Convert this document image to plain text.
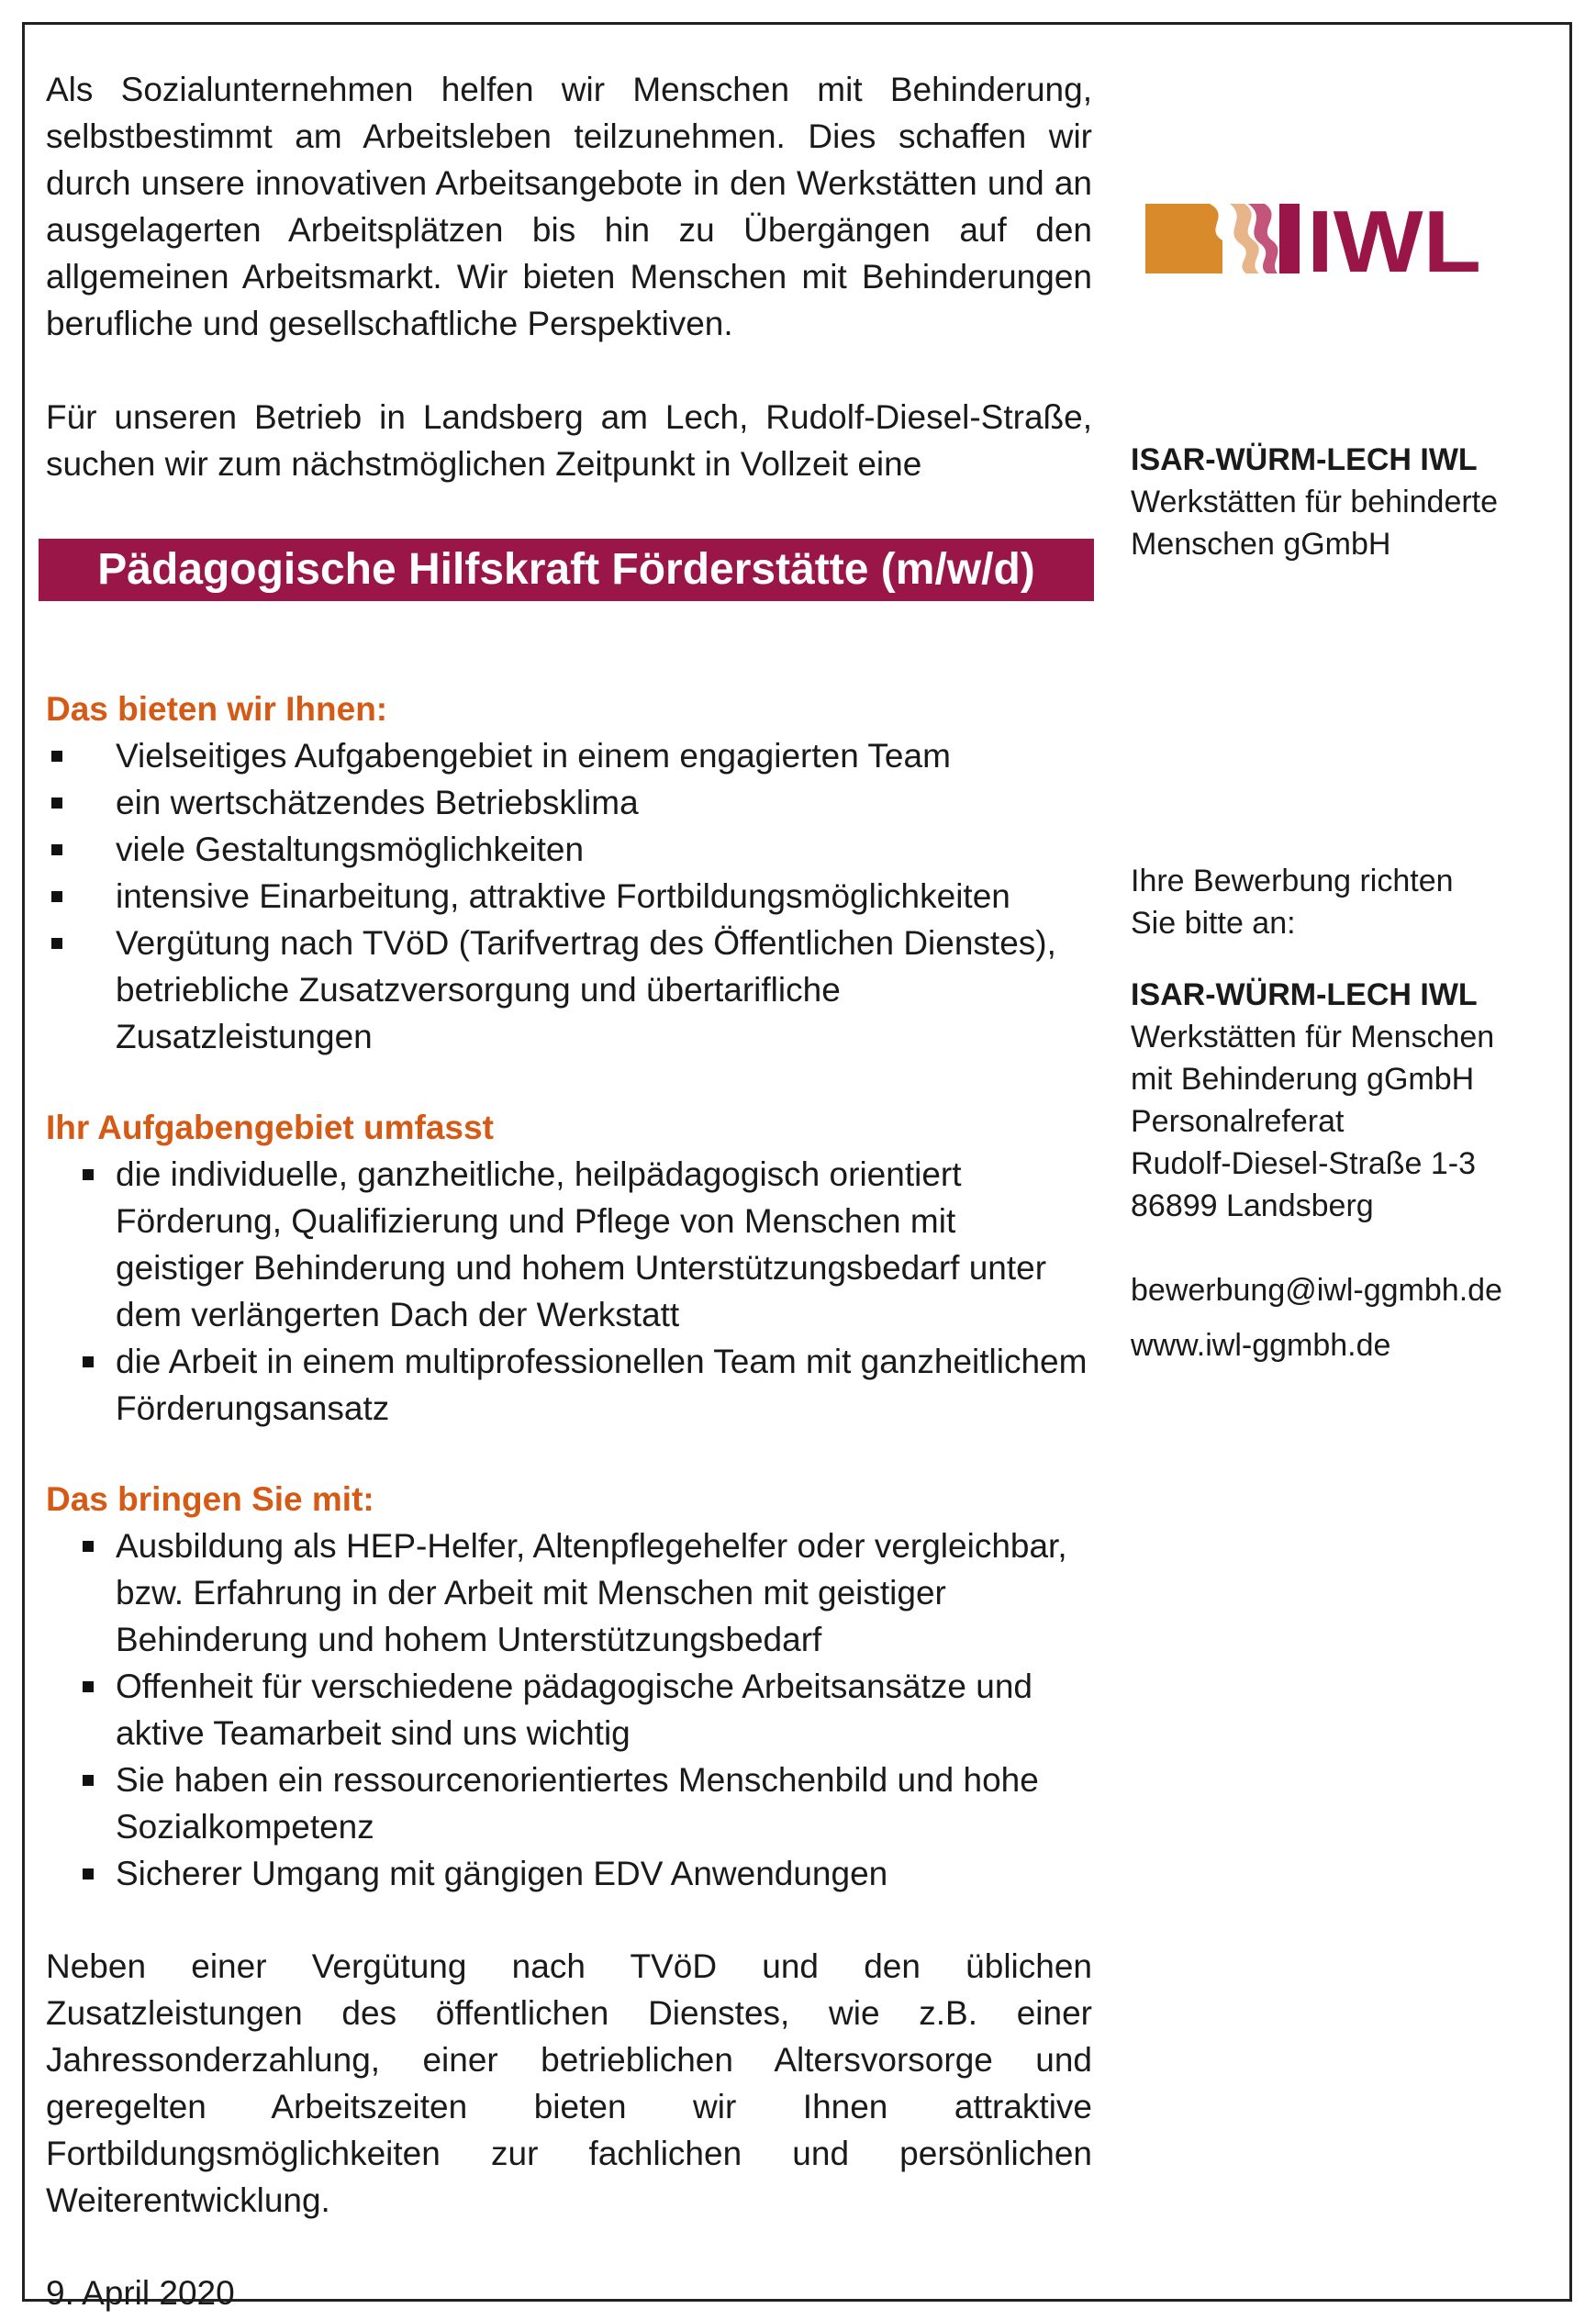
Als Sozialunternehmen helfen wir Menschen mit Behinderung, selbstbestimmt am Arbeitsleben teilzunehmen. Dies schaffen wir durch unsere innovativen Arbeitsangebote in den Werkstätten und an ausgelagerten Arbeitsplätzen bis hin zu Übergängen auf den allgemeinen Arbeitsmarkt. Wir bieten Menschen mit Behinderungen berufliche und gesellschaftliche Perspektiven.

Für unseren Betrieb in Landsberg am Lech, Rudolf-Diesel-Straße, suchen wir zum nächstmöglichen Zeitpunkt in Vollzeit eine

Pädagogische Hilfskraft Förderstätte (m/w/d)

Das bieten wir Ihnen:

Vielseitiges Aufgabengebiet in einem engagierten Team
ein wertschätzendes Betriebsklima
viele Gestaltungsmöglichkeiten
intensive Einarbeitung, attraktive Fortbildungsmöglichkeiten
Vergütung nach TVöD (Tarifvertrag des Öffentlichen Dienstes), betriebliche Zusatzversorgung und übertarifliche Zusatzleistungen

Ihr Aufgabengebiet umfasst

die individuelle, ganzheitliche, heilpädagogisch orientiert Förderung, Qualifizierung und Pflege von Menschen mit geistiger Behinderung und hohem Unterstützungsbedarf unter dem verlängerten Dach der Werkstatt
die Arbeit in einem multiprofessionellen Team mit ganzheitlichem Förderungsansatz

Das bringen Sie mit:

Ausbildung als HEP-Helfer, Altenpflegehelfer oder vergleichbar, bzw. Erfahrung in der Arbeit mit Menschen mit geistiger Behinderung und hohem Unterstützungsbedarf
Offenheit für verschiedene pädagogische Arbeitsansätze und aktive Teamarbeit sind uns wichtig
Sie haben ein ressourcenorientiertes Menschenbild und hohe Sozialkompetenz
Sicherer Umgang mit gängigen EDV Anwendungen

Neben einer Vergütung nach TVöD und den üblichen Zusatzleistungen des öffentlichen Dienstes, wie z.B. einer Jahressonderzahlung, einer betrieblichen Altersvorsorge und geregelten Arbeitszeiten bieten wir Ihnen attraktive Fortbildungsmöglichkeiten zur fachlichen und persönlichen Weiterentwicklung.

9. April 2020

IWL

ISAR-WÜRM-LECH IWL

Werkstätten für behinderte

Menschen gGmbH

Ihre Bewerbung richten

Sie bitte an:

ISAR-WÜRM-LECH IWL

Werkstätten für Menschen

mit Behinderung gGmbH

Personalreferat

Rudolf-Diesel-Straße 1-3

86899 Landsberg

bewerbung@iwl-ggmbh.de

www.iwl-ggmbh.de
